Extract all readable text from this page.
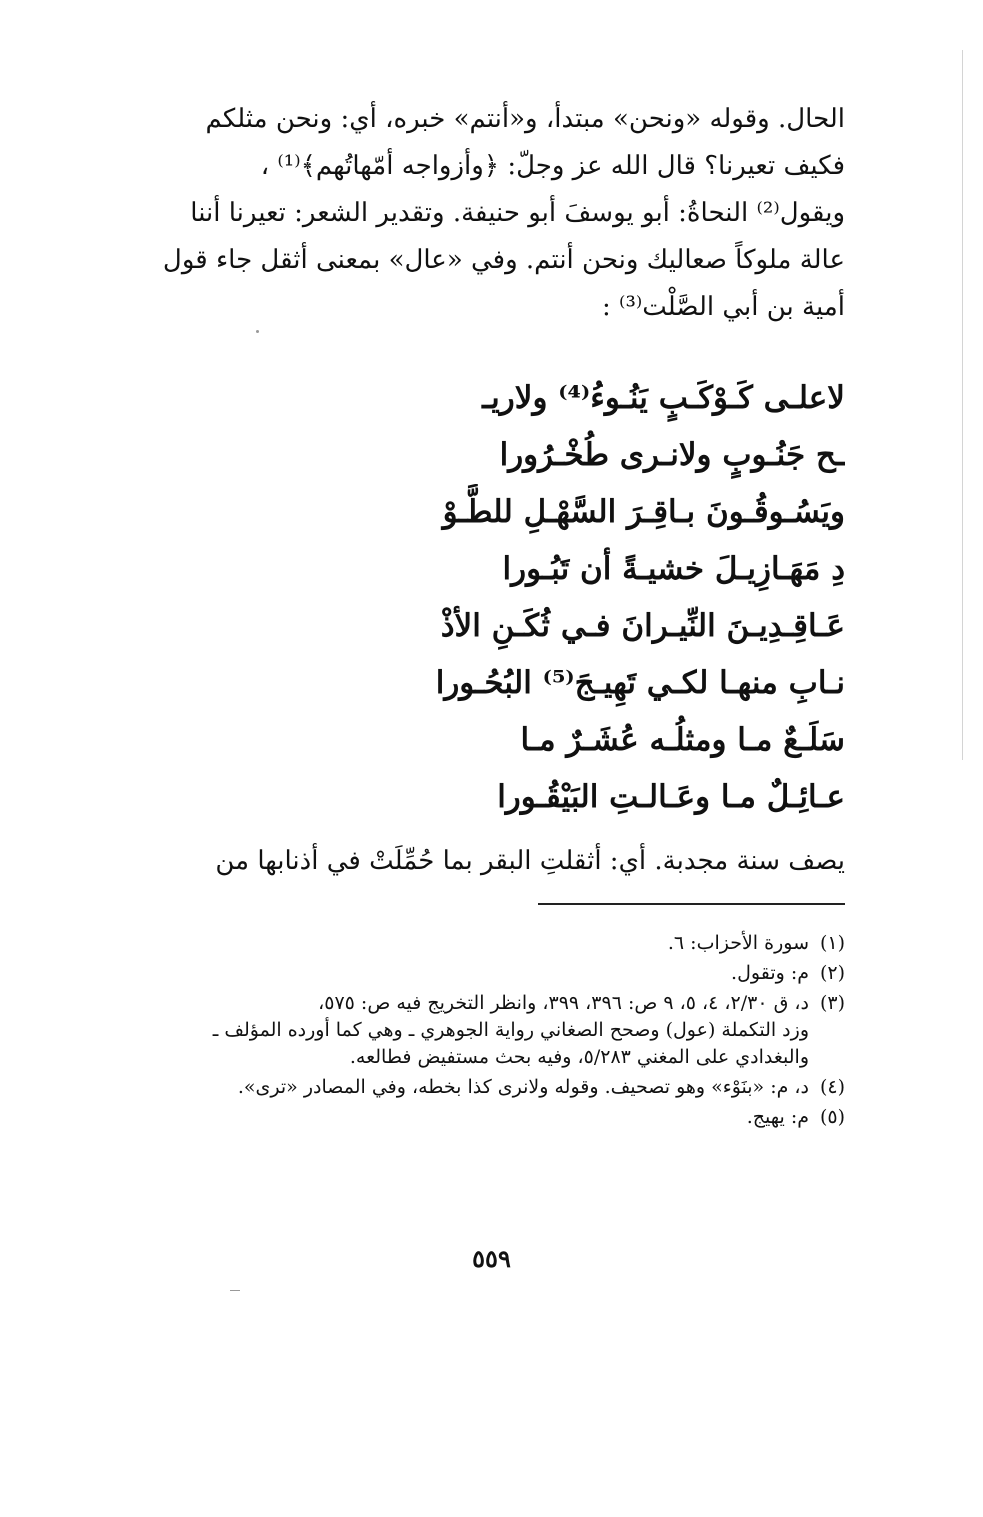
الحال. وقوله «ونحن» مبتدأ، و«أنتم» خبره، أي: ونحن مثلكم

فكيف تعيرنا؟ قال الله عز وجلّ: ﴿وأزواجه أمّهاتُهم﴾⁽¹⁾ ،

ويقول⁽²⁾ النحاةُ: أبو يوسفَ أبو حنيفة. وتقدير الشعر: تعيرنا أننا

عالة ملوكاً صعاليك ونحن أنتم. وفي «عال» بمعنى أثقل جاء قول

أمية بن أبي الصَّلْت⁽³⁾ :

لاعلـى كَـوْكَـبٍ يَنُـوءُ⁽⁴⁾ ولاريـ

ـح جَنُـوبٍ ولانـرى طُخْـرُورا

ويَسُـوقُـونَ بـاقِـرَ السَّهْـلِ للطَّـوْ

دِ مَهَـازِيـلَ خشيـةً أن تَبُـورا

عَـاقِـدِيـنَ النِّيـرانَ فـي ثُكَـنِ الأذْ

نـابِ منهـا لكـي تَهِيـجَ⁽⁵⁾ البُحُـورا

سَلَـعٌ مـا ومثلُـه عُشَـرٌ مـا

عـائِـلٌ مـا وعَـالـتِ البَيْقُـورا

يصف سنة مجدبة. أي: أثقلتِ البقر بما حُمِّلَتْ في أذنابها من

(١)
سورة الأحزاب: ٦.
(٢)
م: وتقول.
(٣)
د، ق ٢/٣٠، ٤، ٥، ٩ ص: ٣٩٦، ٣٩٩، وانظر التخريج فيه ص: ٥٧٥،
وزد التكملة (عول) وصحح الصغاني رواية الجوهري ـ وهي كما أورده المؤلف ـ
والبغدادي على المغني ٥/٢٨٣، وفيه بحث مستفيض فطالعه.
(٤)
د، م: «بنَوْء» وهو تصحيف. وقوله ولانرى كذا بخطه، وفي المصادر «ترى».
(٥)
م: يهيج.
٥٥٩
